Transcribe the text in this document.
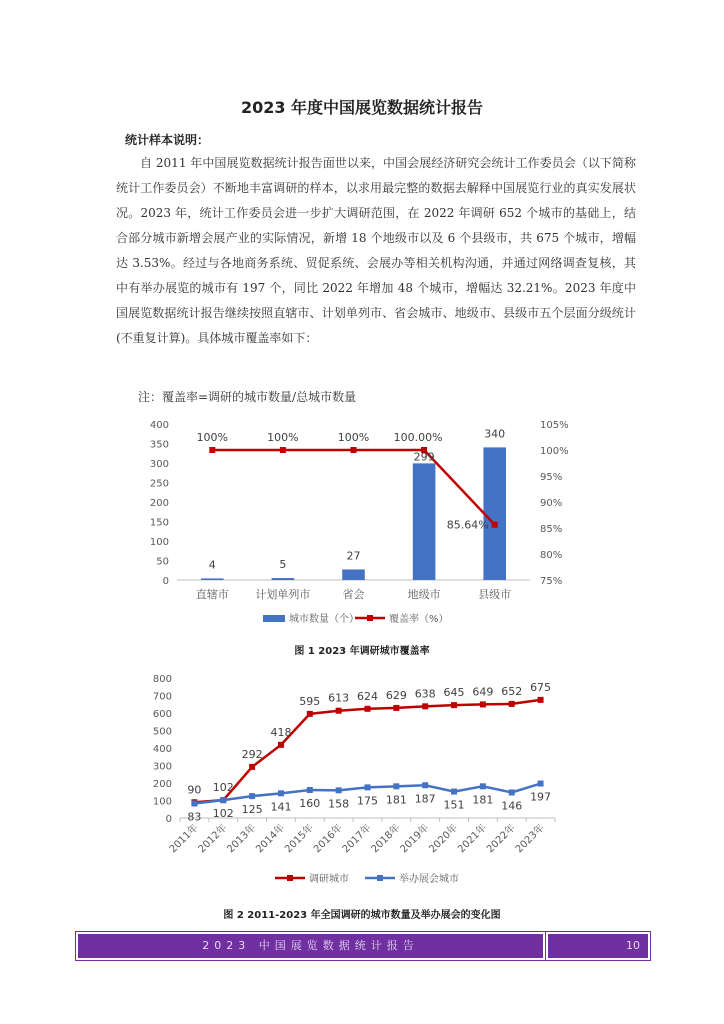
2023 年度中国展览数据统计报告
统计样本说明：

自 2011 年中国展览数据统计报告面世以来，中国会展经济研究会统计工作委员会（以下简称统计工作委员会）不断地丰富调研的样本，以求用最完整的数据去解释中国展览行业的真实发展状况。2023 年，统计工作委员会进一步扩大调研范围，在 2022 年调研 652 个城市的基础上，结合部分城市新增会展产业的实际情况，新增 18 个地级市以及 6 个县级市，共 675 个城市，增幅达 3.53%。经过与各地商务系统、贸促系统、会展办等相关机构沟通，并通过网络调查复核，其中有举办展览的城市有 197 个，同比 2022 年增加 48 个城市，增幅达 32.21%。2023 年度中国展览数据统计报告继续按照直辖市、计划单列市、省会城市、地级市、县级市五个层面分级统计(不重复计算)。具体城市覆盖率如下：

注：覆盖率=调研的城市数量/总城市数量
0
50
100
150
200
250
300
350
400
75%
80%
85%
90%
95%
100%
105%
直辖市 计划单列市	省会	地级市	县级市
4	5
27
299
340
100%	100%	100% 100.00%
85.64%
城市数量（个）	覆盖率（%）
图 1 2023 年调研城市覆盖率
0
100
200
300
400
500
600
700
800
2011年
2012年
2013年
2014年
2015年
2016年
2017年
2018年
2019年
2020年
2021年
2022年
2023年
90 102
292
418
595 613 624 629 638 645 649 652 675
83 102 125 141 160 158 175 181 187 151 181 146
197
调研城市	举办展会城市
图 2 2011-2023 年全国调研的城市数量及举办展会的变化图
2023 中国展览数据统计报告	10
